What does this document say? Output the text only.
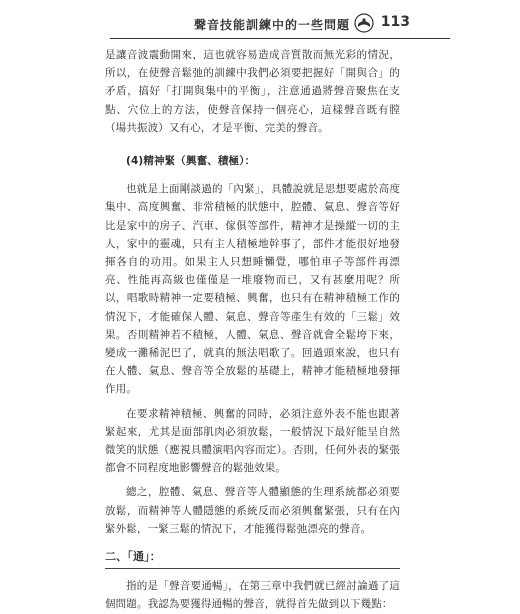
聲音技能訓練中的一些問題 113

是讓音波震動開來，這也就容易造成音質散而無光彩的情況，所以，在使聲音鬆弛的訓練中我們必須要把握好「開與合」的矛盾，搞好「打開與集中的平衡」，注意通過將聲音聚焦在支點、穴位上的方法，使聲音保持一個亮心，這樣聲音既有膛（場共振波）又有心，才是平衡、完美的聲音。

(4)精神緊（興奮、積極）：

也就是上面剛談過的「內緊」，具體說就是思想要處於高度集中、高度興奮、非常積極的狀態中，腔體、氣息、聲音等好比是家中的房子、汽車、傢俱等部件，精神才是操縱一切的主人，家中的靈魂，只有主人積極地幹事了，部件才能很好地發揮各自的功用。如果主人只想睡懶覺，哪怕車子等部件再漂亮、性能再高級也僅僅是一堆廢物而已，又有甚麼用呢？所以，唱歌時精神一定要積極、興奮，也只有在精神積極工作的情況下，才能確保人體、氣息、聲音等產生有效的「三鬆」效果。否則精神若不積極，人體、氣息、聲音就會全鬆垮下來，變成一灘稀泥巴了，就真的無法唱歌了。回過頭來說，也只有在人體、氣息、聲音等全放鬆的基礎上，精神才能積極地發揮作用。

在要求精神積極、興奮的同時，必須注意外表不能也跟著緊起來，尤其是面部肌肉必須放鬆，一般情況下最好能呈自然微笑的狀態（應視具體演唱內容而定）。否則，任何外表的緊張都會不同程度地影響聲音的鬆弛效果。

總之，腔體、氣息、聲音等人體顯態的生理系統都必須要放鬆，而精神等人體隱態的系統反而必須興奮緊張，只有在內緊外鬆，一緊三鬆的情況下，才能獲得鬆弛漂亮的聲音。

二、「通」：

指的是「聲音要通暢」，在第三章中我們就已經討論過了這個問題。我認為要獲得通暢的聲音，就得首先做到以下幾點：
